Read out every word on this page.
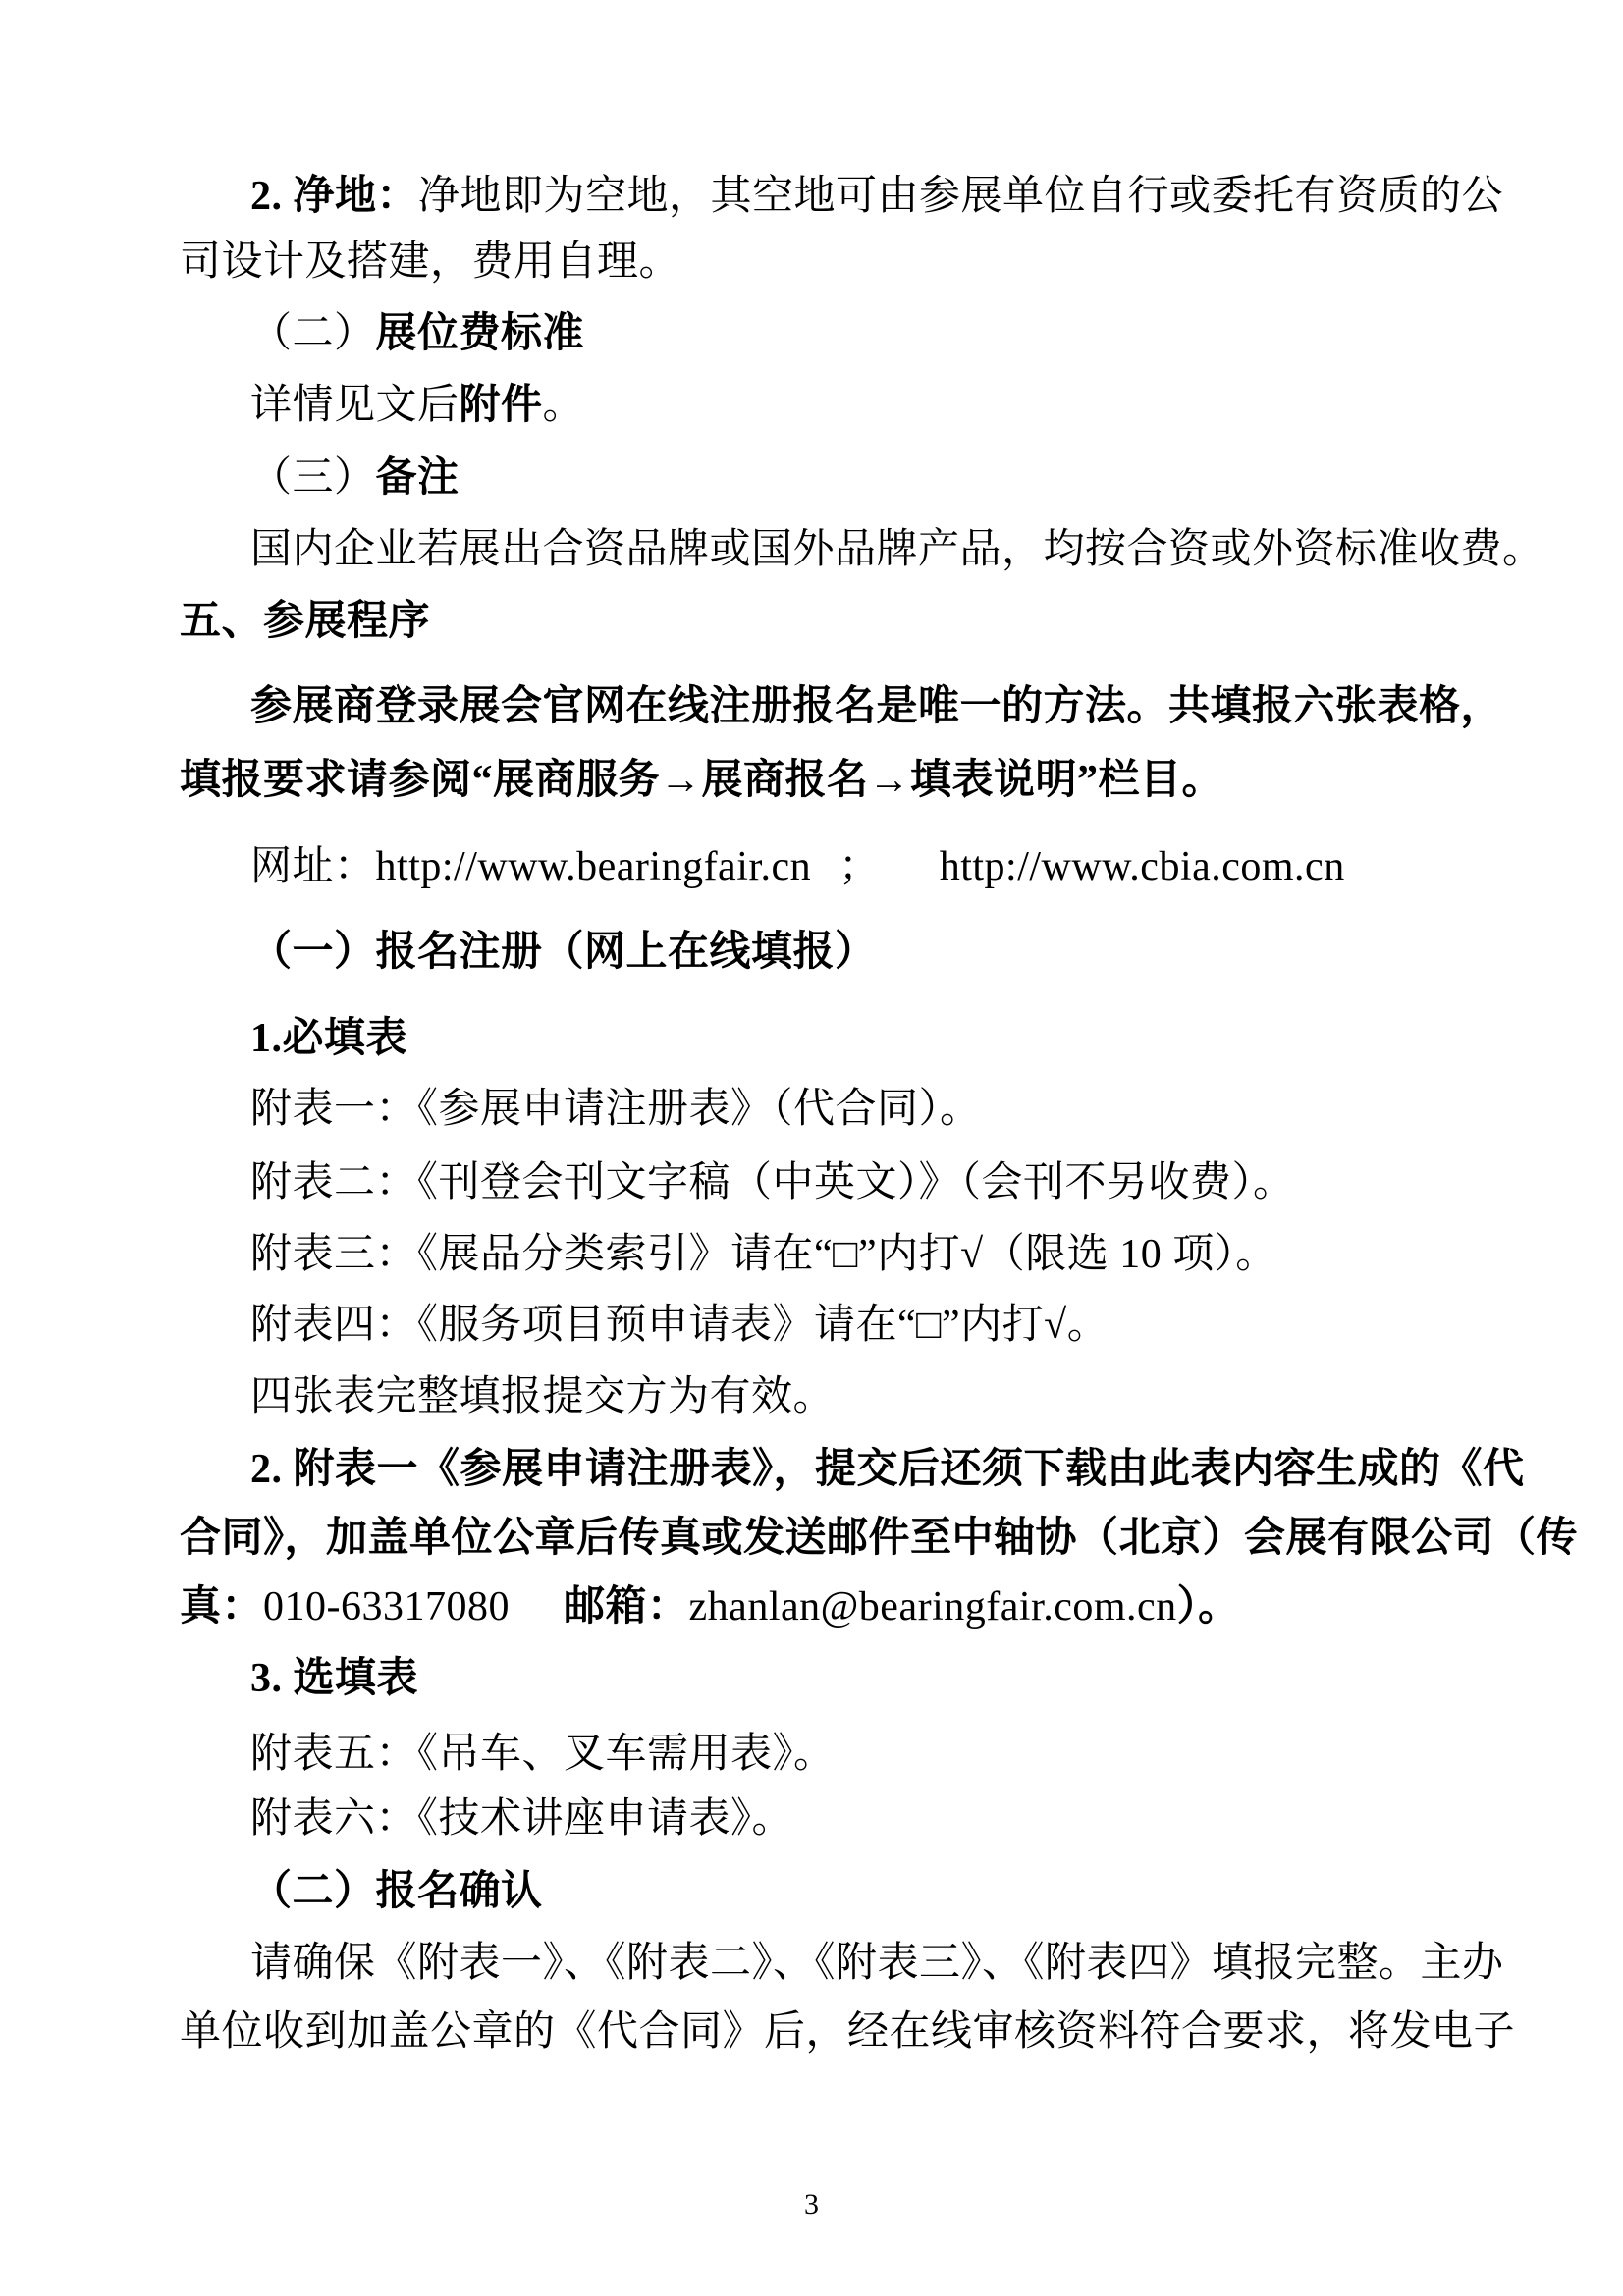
2. 净地：净地即为空地，其空地可由参展单位自行或委托有资质的公
司设计及搭建，费用自理。
（二）展位费标准
详情见文后附件。
（三）备注
国内企业若展出合资品牌或国外品牌产品，均按合资或外资标准收费。
五、参展程序
参展商登录展会官网在线注册报名是唯一的方法。共填报六张表格，
填报要求请参阅“展商服务→展商报名→填表说明”栏目。
网址：http://www.bearingfair.cn ； http://www.cbia.com.cn
（一）报名注册（网上在线填报）
1.必填表
附表一：《参展申请注册表》（代合同）。
附表二：《刊登会刊文字稿（中英文）》（会刊不另收费）。
附表三：《展品分类索引》请在“□”内打√（限选 10 项）。
附表四：《服务项目预申请表》请在“□”内打√。
四张表完整填报提交方为有效。
2. 附表一《参展申请注册表》，提交后还须下载由此表内容生成的《代
合同》，加盖单位公章后传真或发送邮件至中轴协（北京）会展有限公司（传
真：010-63317080 邮箱：zhanlan@bearingfair.com.cn）。
3. 选填表
附表五：《吊车、叉车需用表》。
附表六：《技术讲座申请表》。
（二）报名确认
请确保《附表一》、《附表二》、《附表三》、《附表四》填报完整。主办
单位收到加盖公章的《代合同》后，经在线审核资料符合要求，将发电子
3
